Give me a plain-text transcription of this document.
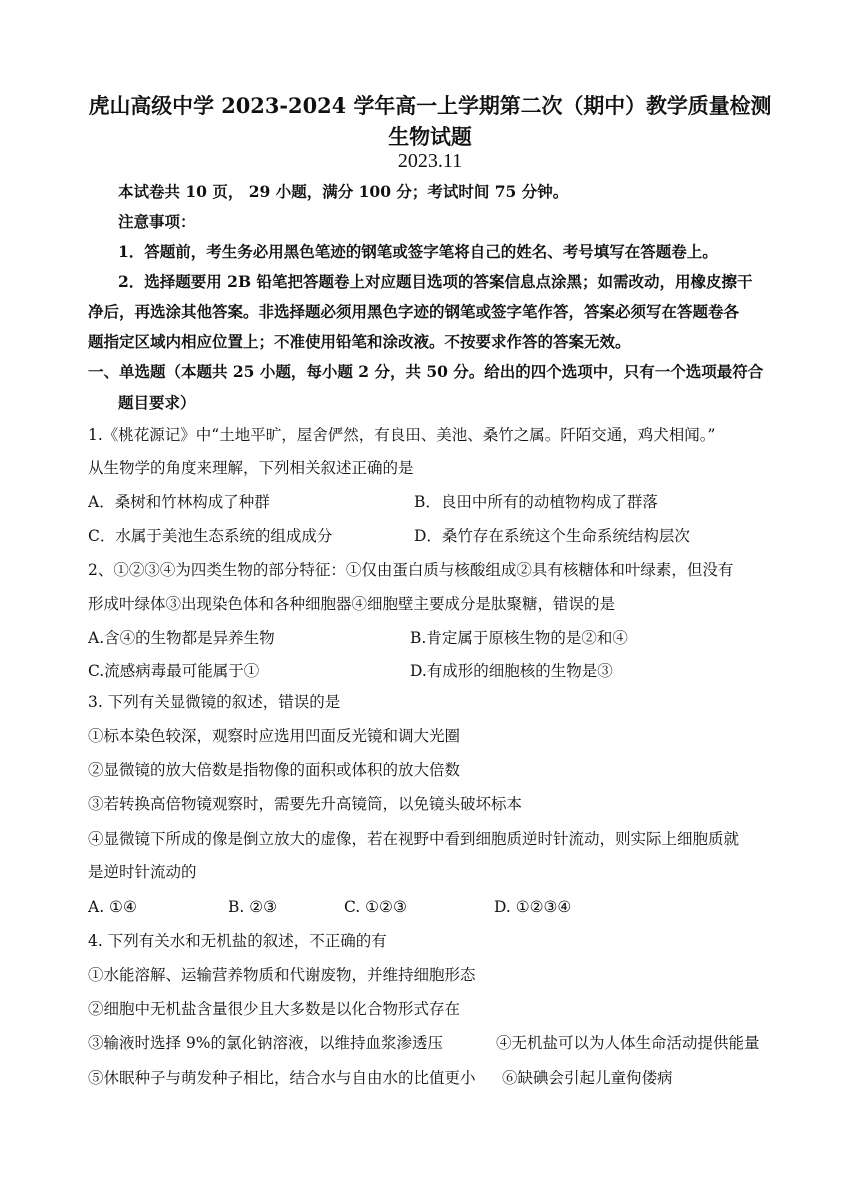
虎山高级中学 2023-2024 学年高一上学期第二次（期中）教学质量检测
生物试题
2023.11
本试卷共 10 页， 29 小题，满分 100 分；考试时间 75 分钟。
注意事项：
1．答题前，考生务必用黑色笔迹的钢笔或签字笔将自己的姓名、考号填写在答题卷上。
2．选择题要用 2B 铅笔把答题卷上对应题目选项的答案信息点涂黑；如需改动，用橡皮擦干
净后，再选涂其他答案。非选择题必须用黑色字迹的钢笔或签字笔作答，答案必须写在答题卷各
题指定区域内相应位置上；不准使用铅笔和涂改液。不按要求作答的答案无效。
一、单选题（本题共 25 小题，每小题 2 分，共 50 分。给出的四个选项中，只有一个选项最符合
题目要求）
1.《桃花源记》中“土地平旷，屋舍俨然，有良田、美池、桑竹之属。阡陌交通，鸡犬相闻。”
从生物学的角度来理解，下列相关叙述正确的是
A．桑树和竹林构成了种群	B．良田中所有的动植物构成了群落
C．水属于美池生态系统的组成成分	D．桑竹存在系统这个生命系统结构层次
2、①②③④为四类生物的部分特征：①仅由蛋白质与核酸组成②具有核糖体和叶绿素，但没有
形成叶绿体③出现染色体和各种细胞器④细胞壁主要成分是肽聚糖，错误的是
A.含④的生物都是异养生物	B.肯定属于原核生物的是②和④
C.流感病毒最可能属于①	D.有成形的细胞核的生物是③
3. 下列有关显微镜的叙述，错误的是
①标本染色较深，观察时应选用凹面反光镜和调大光圈
②显微镜的放大倍数是指物像的面积或体积的放大倍数
③若转换高倍物镜观察时，需要先升高镜筒，以免镜头破坏标本
④显微镜下所成的像是倒立放大的虚像，若在视野中看到细胞质逆时针流动，则实际上细胞质就
是逆时针流动的
A. ①④	B. ②③	C. ①②③	D. ①②③④
4. 下列有关水和无机盐的叙述，不正确的有
①水能溶解、运输营养物质和代谢废物，并维持细胞形态
②细胞中无机盐含量很少且大多数是以化合物形式存在
③输液时选择 9%的氯化钠溶液，以维持血浆渗透压	④无机盐可以为人体生命活动提供能量
⑤休眠种子与萌发种子相比，结合水与自由水的比值更小 ⑥缺碘会引起儿童佝偻病
